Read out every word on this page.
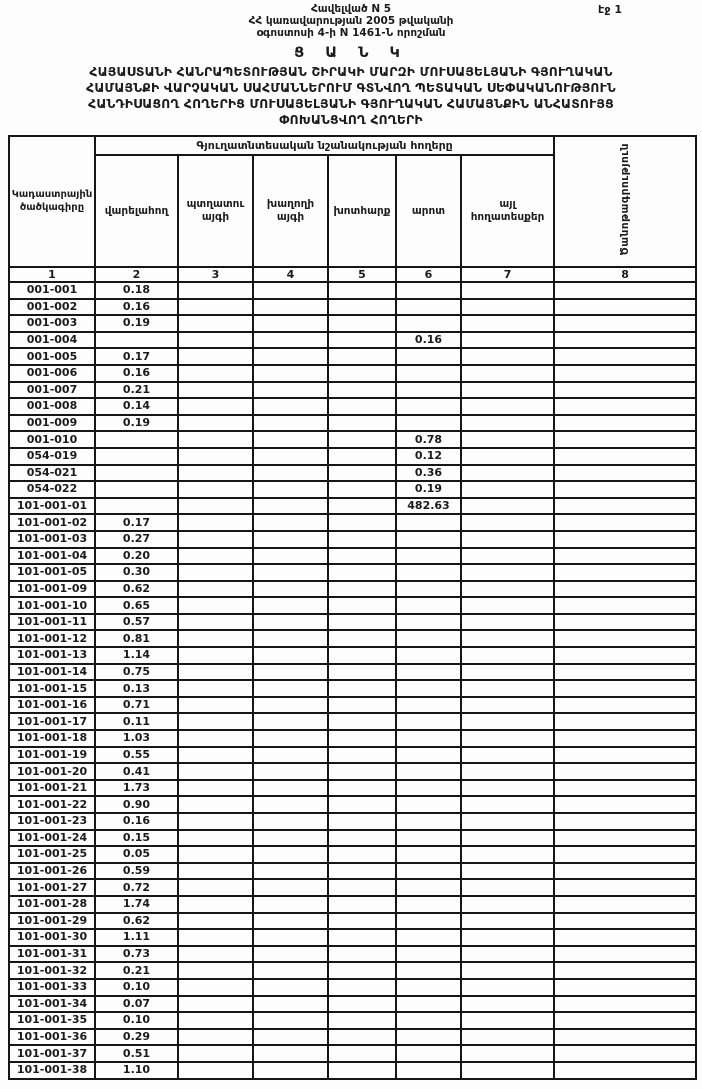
Հավելված N 5
ՀՀ կառավարության 2005 թվականի
օգոստոսի 4-ի N 1461-Ն որոշման
էջ 1
Ց Ա Ն Կ
ՀԱՅԱՍՏԱՆԻ ՀԱՆՐԱՊԵՏՈՒԹՅԱՆ ՇԻՐԱԿԻ ՄԱՐԶԻ ՄՈՒՍԱՅԵԼՅԱՆԻ ԳՅՈՒՂԱԿԱՆ
ՀԱՄԱՅՆՔԻ ՎԱՐՉԱԿԱՆ ՍԱՀՄԱՆՆԵՐՈՒՄ ԳՏՆՎՈՂ ՊԵՏԱԿԱՆ ՍԵՓԱԿԱՆՈՒԹՅՈՒՆ
ՀԱՆԴԻՍԱՑՈՂ ՀՈՂԵՐԻՑ ՄՈՒՍԱՅԵԼՅԱՆԻ ԳՅՈՒՂԱԿԱՆ ՀԱՄԱՅՆՔԻՆ ԱՆՀԱՏՈՒՅՑ
ՓՈԽԱՆՑՎՈՂ ՀՈՂԵՐԻ
Կադաստրային ծածկագիրը	Գյուղատնտեսական նշանակության հողերը						Ծանոթագրություն
	վարելահող	պտղատու այգի	խաղողի այգի	խոտհարք	արոտ	այլ հողատեսքեր	
1	2	3	4	5	6	7	8
001-001	0.18						
001-002	0.16						
001-003	0.19						
001-004					0.16		
001-005	0.17						
001-006	0.16						
001-007	0.21						
001-008	0.14						
001-009	0.19						
001-010					0.78		
054-019					0.12		
054-021					0.36		
054-022					0.19		
101-001-01					482.63		
101-001-02	0.17						
101-001-03	0.27						
101-001-04	0.20						
101-001-05	0.30						
101-001-09	0.62						
101-001-10	0.65						
101-001-11	0.57						
101-001-12	0.81						
101-001-13	1.14						
101-001-14	0.75						
101-001-15	0.13						
101-001-16	0.71						
101-001-17	0.11						
101-001-18	1.03						
101-001-19	0.55						
101-001-20	0.41						
101-001-21	1.73						
101-001-22	0.90						
101-001-23	0.16						
101-001-24	0.15						
101-001-25	0.05						
101-001-26	0.59						
101-001-27	0.72						
101-001-28	1.74						
101-001-29	0.62						
101-001-30	1.11						
101-001-31	0.73						
101-001-32	0.21						
101-001-33	0.10						
101-001-34	0.07						
101-001-35	0.10						
101-001-36	0.29						
101-001-37	0.51						
101-001-38	1.10						
